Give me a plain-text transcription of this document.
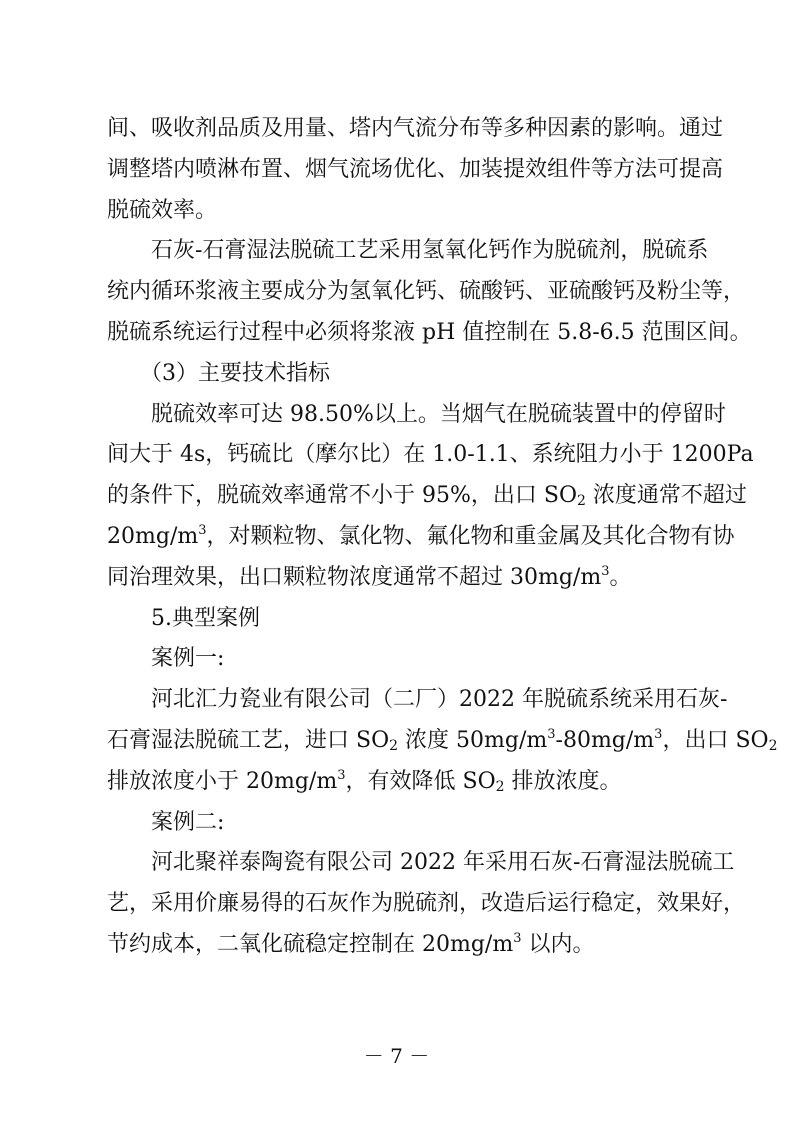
间、吸收剂品质及用量、塔内气流分布等多种因素的影响。通过
调整塔内喷淋布置、烟气流场优化、加装提效组件等方法可提高
脱硫效率。
石灰-石膏湿法脱硫工艺采用氢氧化钙作为脱硫剂，脱硫系
统内循环浆液主要成分为氢氧化钙、硫酸钙、亚硫酸钙及粉尘等，
脱硫系统运行过程中必须将浆液 pH 值控制在 5.8-6.5 范围区间。
（3）主要技术指标
脱硫效率可达 98.50%以上。当烟气在脱硫装置中的停留时
间大于 4s，钙硫比（摩尔比）在 1.0-1.1、系统阻力小于 1200Pa
的条件下，脱硫效率通常不小于 95%，出口 $SO_2$ 浓度通常不超过
$20mg/m^3$，对颗粒物、氯化物、氟化物和重金属及其化合物有协
同治理效果，出口颗粒物浓度通常不超过 $30mg/m^3$。
5.典型案例
案例一:
河北汇力瓷业有限公司（二厂）2022 年脱硫系统采用石灰-
石膏湿法脱硫工艺，进口 $SO_2$ 浓度 $50mg/m^3-80mg/m^3$，出口 $SO_2$
排放浓度小于 $20mg/m^3$，有效降低 $SO_2$ 排放浓度。
案例二:
河北聚祥泰陶瓷有限公司 2022 年采用石灰-石膏湿法脱硫工
－ 7 －
艺，采用价廉易得的石灰作为脱硫剂，改造后运行稳定，效果好，
节约成本，二氧化硫稳定控制在 $20mg/m^3$ 以内。
